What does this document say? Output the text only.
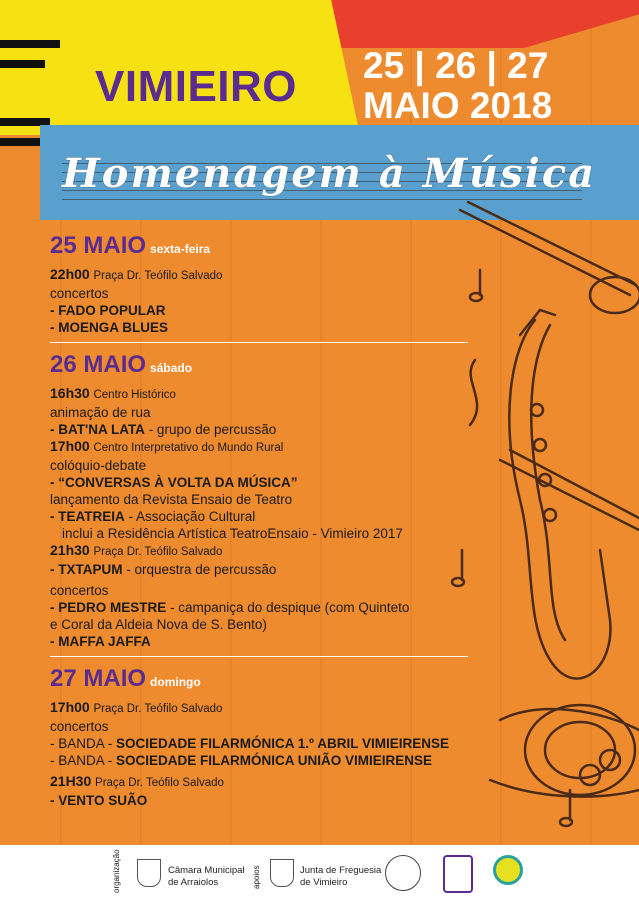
VIMIEIRO 25 | 26 | 27
MAIO 2018
Homenagem à Música
25 MAIO sexta-feira
22h00 Praça Dr. Teófilo Salvado
concertos
- FADO POPULAR
- MOENGA BLUES
26 MAIO sábado
16h30 Centro Histórico
animação de rua
- BAT'NA LATA - grupo de percussão
17h00 Centro Interpretativo do Mundo Rural
colóquio-debate
- “CONVERSAS À VOLTA DA MÚSICA”
lançamento da Revista Ensaio de Teatro
- TEATREIA - Associação Cultural
inclui a Residência Artística TeatroEnsaio - Vimieiro 2017
21h30 Praça Dr. Teófilo Salvado
- TXTAPUM - orquestra de percussão
concertos
- PEDRO MESTRE - campaniça do despique (com Quinteto
e Coral da Aldeia Nova de S. Bento)
- MAFFA JAFFA
27 MAIO domingo
17h00 Praça Dr. Teófilo Salvado
concertos
- BANDA - SOCIEDADE FILARMÓNICA 1.º ABRIL VIMIEIRENSE
- BANDA - SOCIEDADE FILARMÓNICA UNIÃO VIMIEIRENSE
21H30 Praça Dr. Teófilo Salvado
- VENTO SUÃO
organização	Câmara Municipal
de Arraiolos	apoios	Junta de Freguesia
de Vimieiro
